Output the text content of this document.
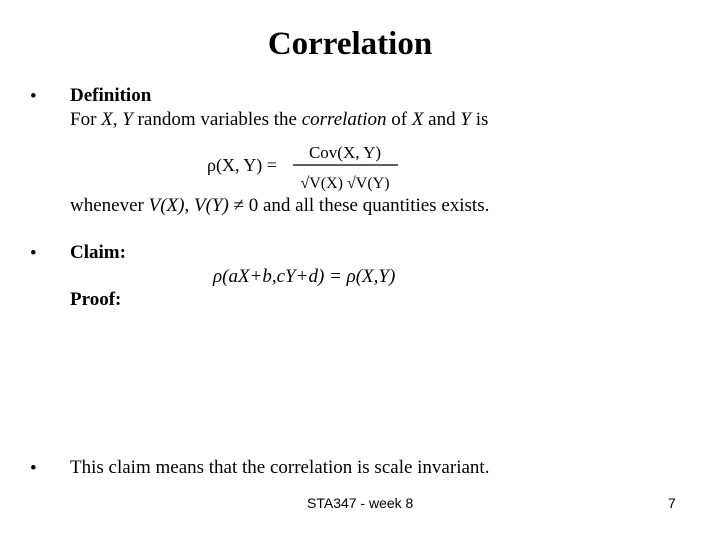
Correlation
• Definition
For X, Y random variables the correlation of X and Y is
ρ(X, Y) =
Cov(X, Y)
√V(X) √V(Y)
whenever V(X), V(Y) ≠ 0 and all these quantities exists.
• Claim:
ρ(aX+b,cY+d) = ρ(X,Y)
Proof:
• This claim means that the correlation is scale invariant.
STA347 - week 8	7
